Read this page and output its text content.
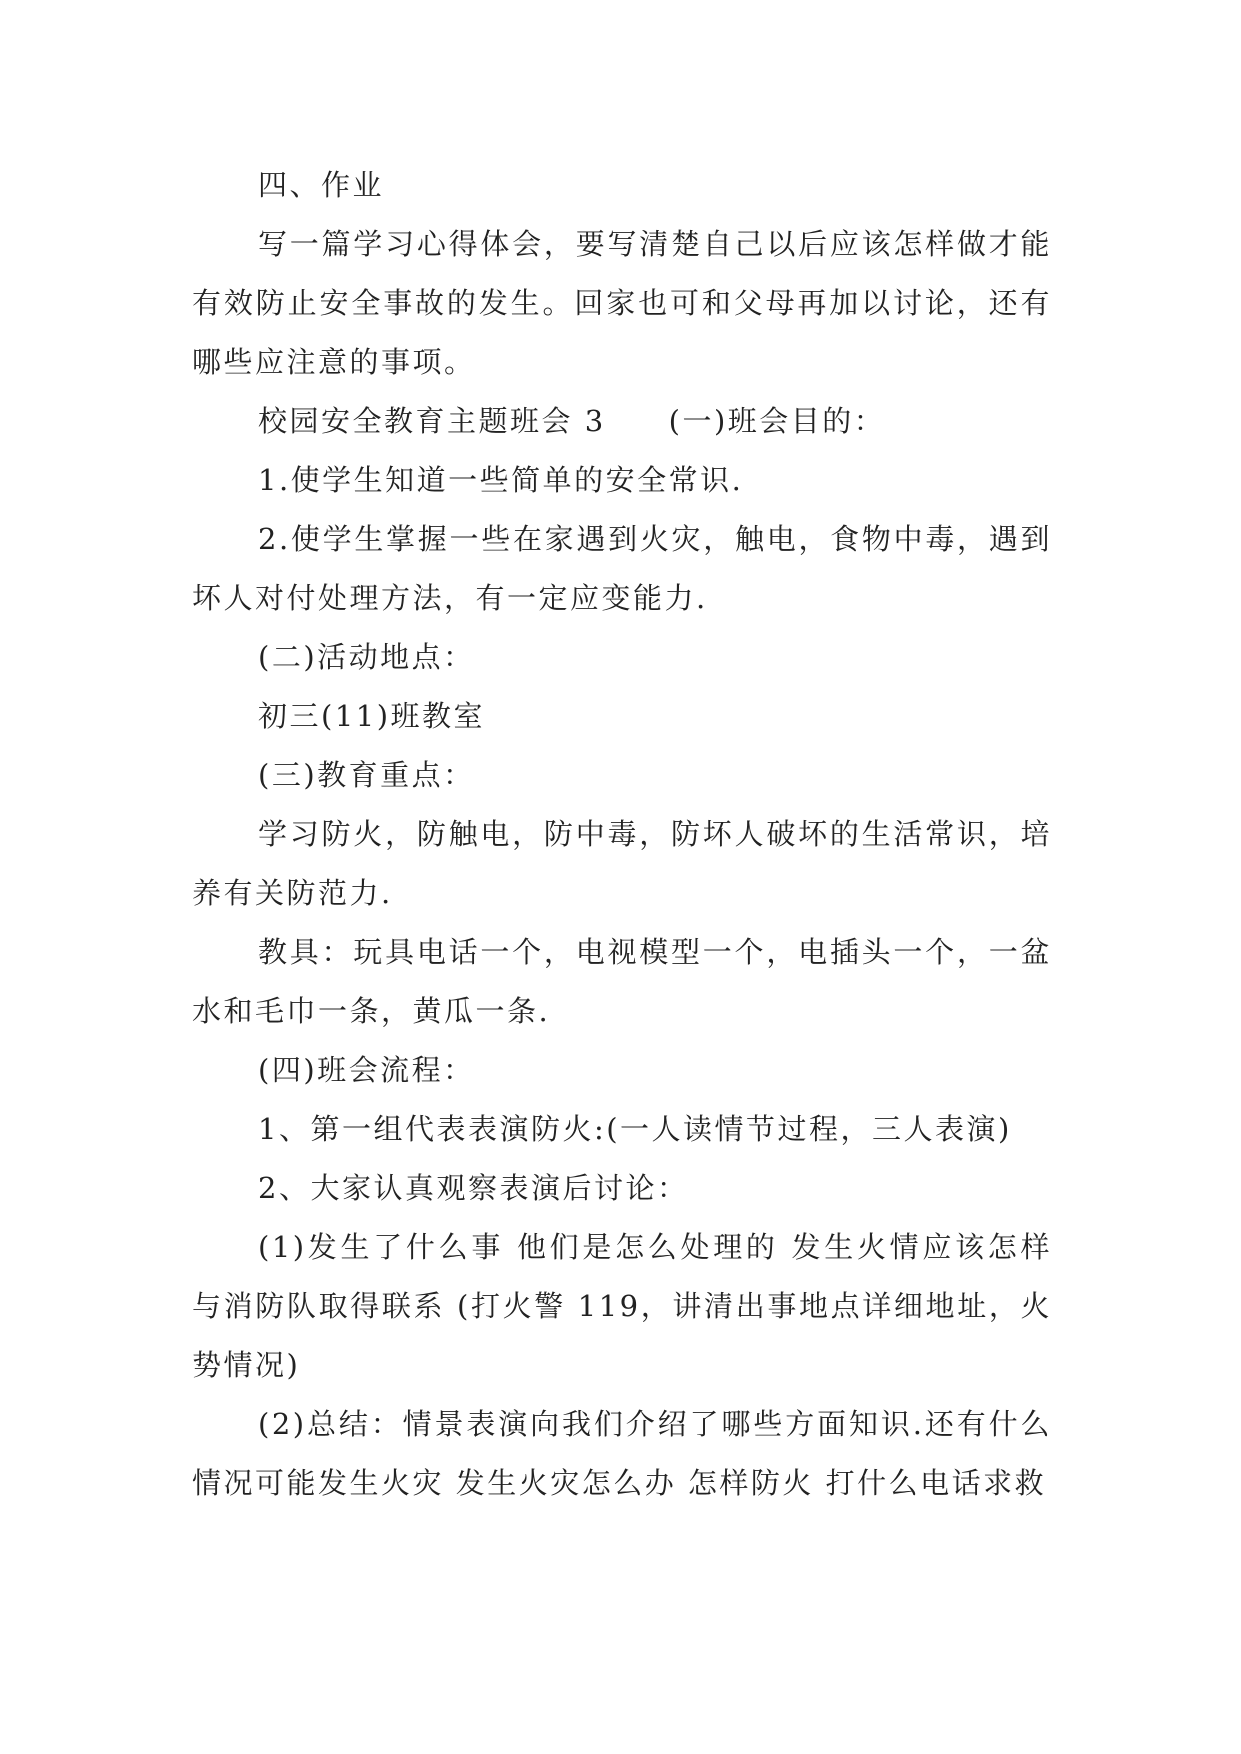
四、作业

写一篇学习心得体会，要写清楚自己以后应该怎样做才能有效防止安全事故的发生。回家也可和父母再加以讨论，还有哪些应注意的事项。

校园安全教育主题班会 3　　(一)班会目的：

1.使学生知道一些简单的安全常识.

2.使学生掌握一些在家遇到火灾，触电，食物中毒，遇到坏人对付处理方法，有一定应变能力.

(二)活动地点：

初三(11)班教室

(三)教育重点：

学习防火，防触电，防中毒，防坏人破坏的生活常识，培养有关防范力.

教具：玩具电话一个，电视模型一个，电插头一个，一盆水和毛巾一条，黄瓜一条.

(四)班会流程：

1、第一组代表表演防火:(一人读情节过程，三人表演)

2、大家认真观察表演后讨论：

(1)发生了什么事 他们是怎么处理的 发生火情应该怎样与消防队取得联系 (打火警 119，讲清出事地点详细地址，火势情况)

(2)总结：情景表演向我们介绍了哪些方面知识.还有什么情况可能发生火灾 发生火灾怎么办 怎样防火 打什么电话求救
